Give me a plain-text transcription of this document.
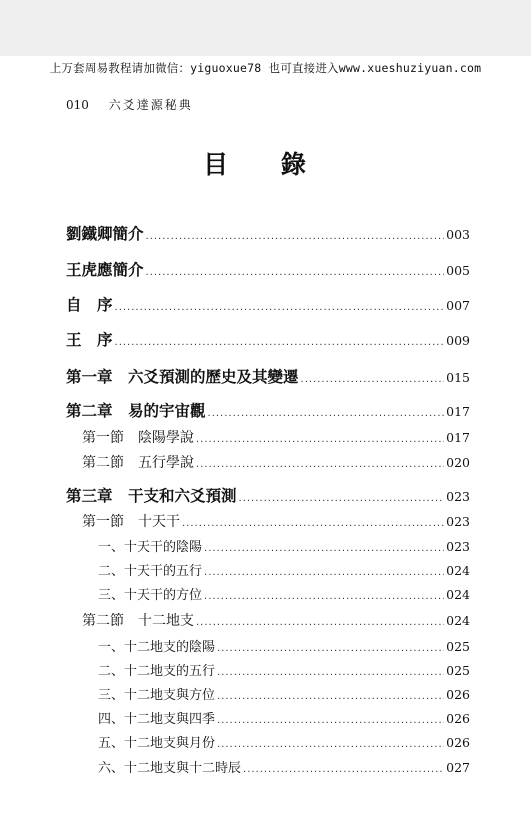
上万套周易教程请加微信：yiguoxue78 也可直接进入www.xueshuziyuan.com
010 六爻達源秘典
目 錄
劉鐵卿簡介 .....	003
王虎應簡介 .....	005
自　序 .....	007
王　序 .....	009
第一章　六爻預測的歷史及其變遷 .....	015
第二章　易的宇宙觀 .....	017
第一節　陰陽學說 .....	017
第二節　五行學說 .....	020
第三章　干支和六爻預測 .....	023
第一節　十天干 .....	023
一、十天干的陰陽 .....	023
二、十天干的五行 .....	024
三、十天干的方位 .....	024
第二節　十二地支 .....	024
一、十二地支的陰陽 .....	025
二、十二地支的五行 .....	025
三、十二地支與方位 .....	026
四、十二地支與四季 .....	026
五、十二地支與月份 .....	026
六、十二地支與十二時辰 .....	027
